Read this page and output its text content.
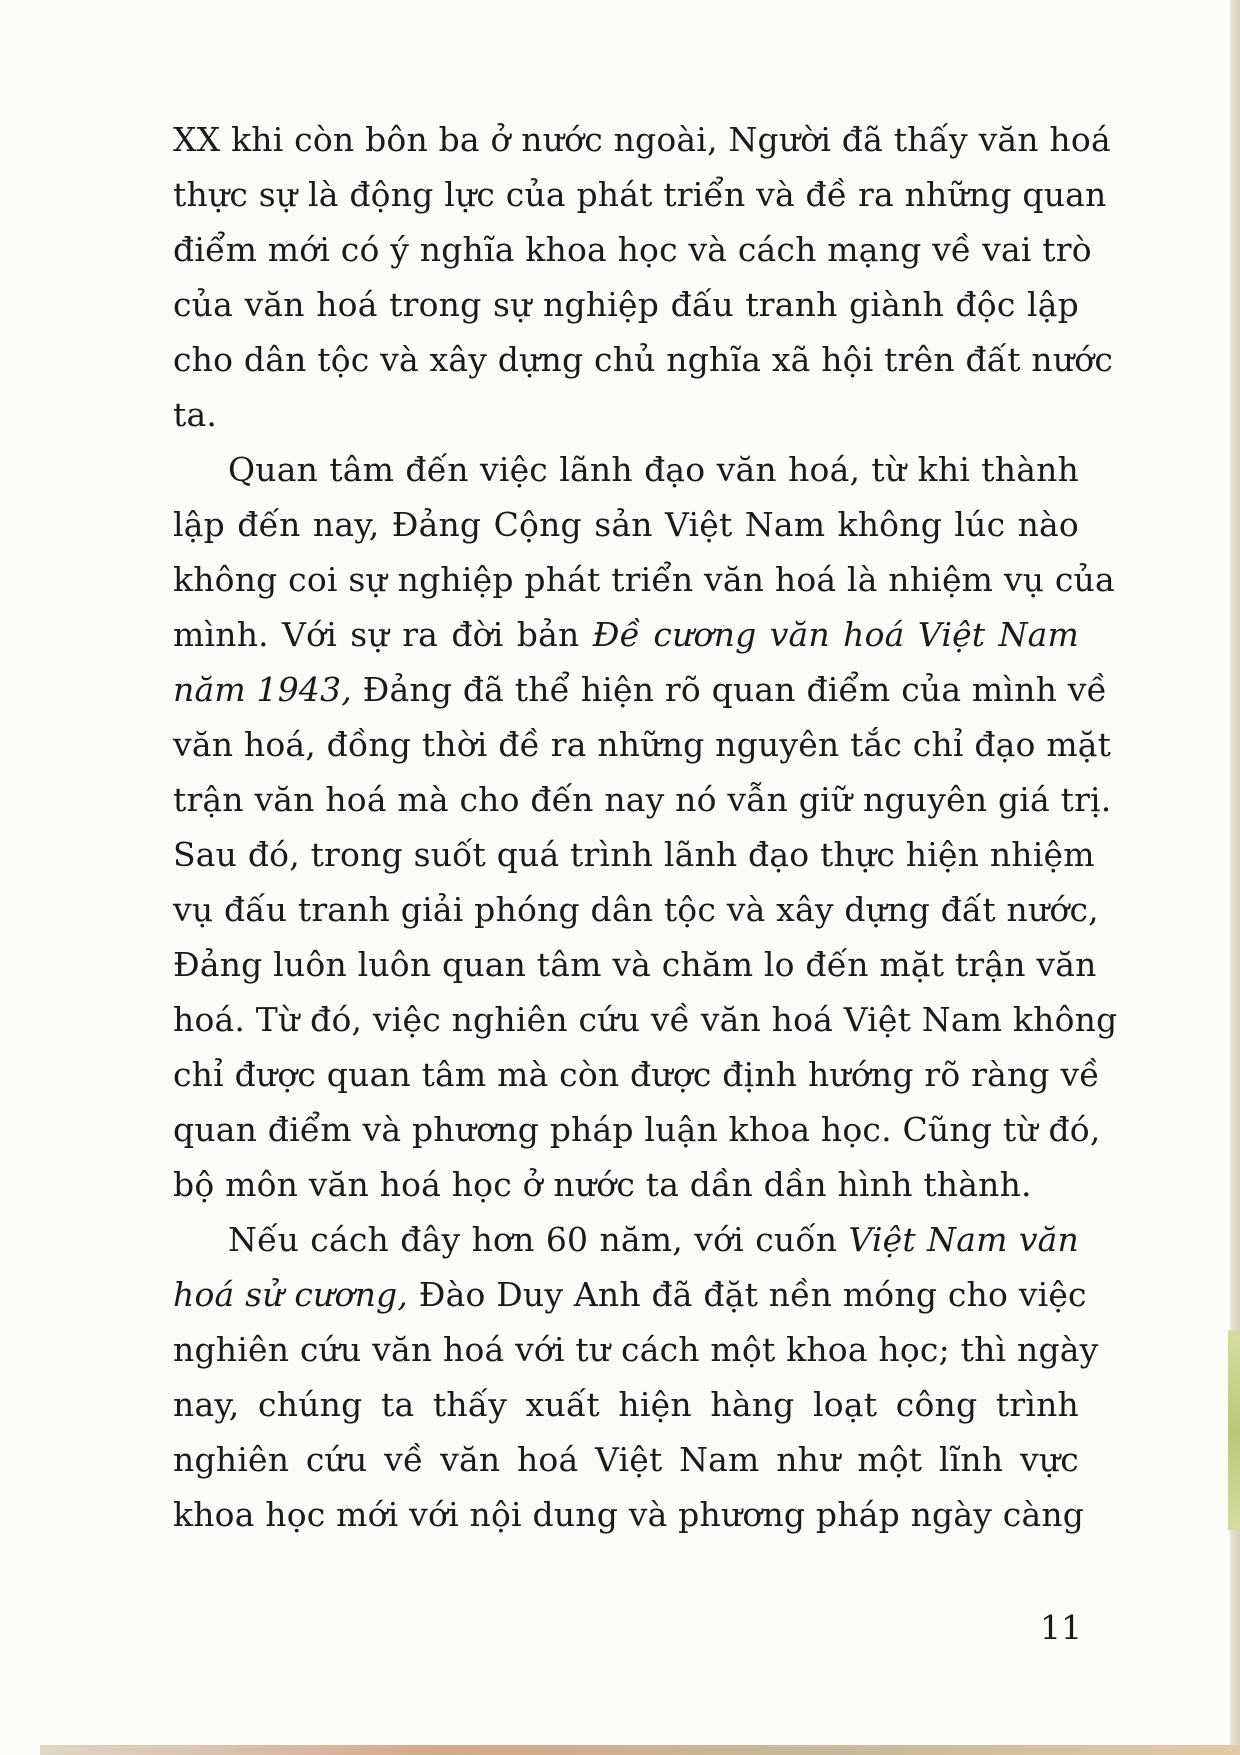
XX khi còn bôn ba ở nước ngoài, Người đã thấy văn hoá
thực sự là động lực của phát triển và đề ra những quan
điểm mới có ý nghĩa khoa học và cách mạng về vai trò
của văn hoá trong sự nghiệp đấu tranh giành độc lập
cho dân tộc và xây dựng chủ nghĩa xã hội trên đất nước
ta.
Quan tâm đến việc lãnh đạo văn hoá, từ khi thành
lập đến nay, Đảng Cộng sản Việt Nam không lúc nào
không coi sự nghiệp phát triển văn hoá là nhiệm vụ của
mình. Với sự ra đời bản Đề cương văn hoá Việt Nam
năm 1943, Đảng đã thể hiện rõ quan điểm của mình về
văn hoá, đồng thời đề ra những nguyên tắc chỉ đạo mặt
trận văn hoá mà cho đến nay nó vẫn giữ nguyên giá trị.
Sau đó, trong suốt quá trình lãnh đạo thực hiện nhiệm
vụ đấu tranh giải phóng dân tộc và xây dựng đất nước,
Đảng luôn luôn quan tâm và chăm lo đến mặt trận văn
hoá. Từ đó, việc nghiên cứu về văn hoá Việt Nam không
chỉ được quan tâm mà còn được định hướng rõ ràng về
quan điểm và phương pháp luận khoa học. Cũng từ đó,
bộ môn văn hoá học ở nước ta dần dần hình thành.
Nếu cách đây hơn 60 năm, với cuốn Việt Nam văn
hoá sử cương, Đào Duy Anh đã đặt nền móng cho việc
nghiên cứu văn hoá với tư cách một khoa học; thì ngày
nay, chúng ta thấy xuất hiện hàng loạt công trình
nghiên cứu về văn hoá Việt Nam như một lĩnh vực
khoa học mới với nội dung và phương pháp ngày càng
11
